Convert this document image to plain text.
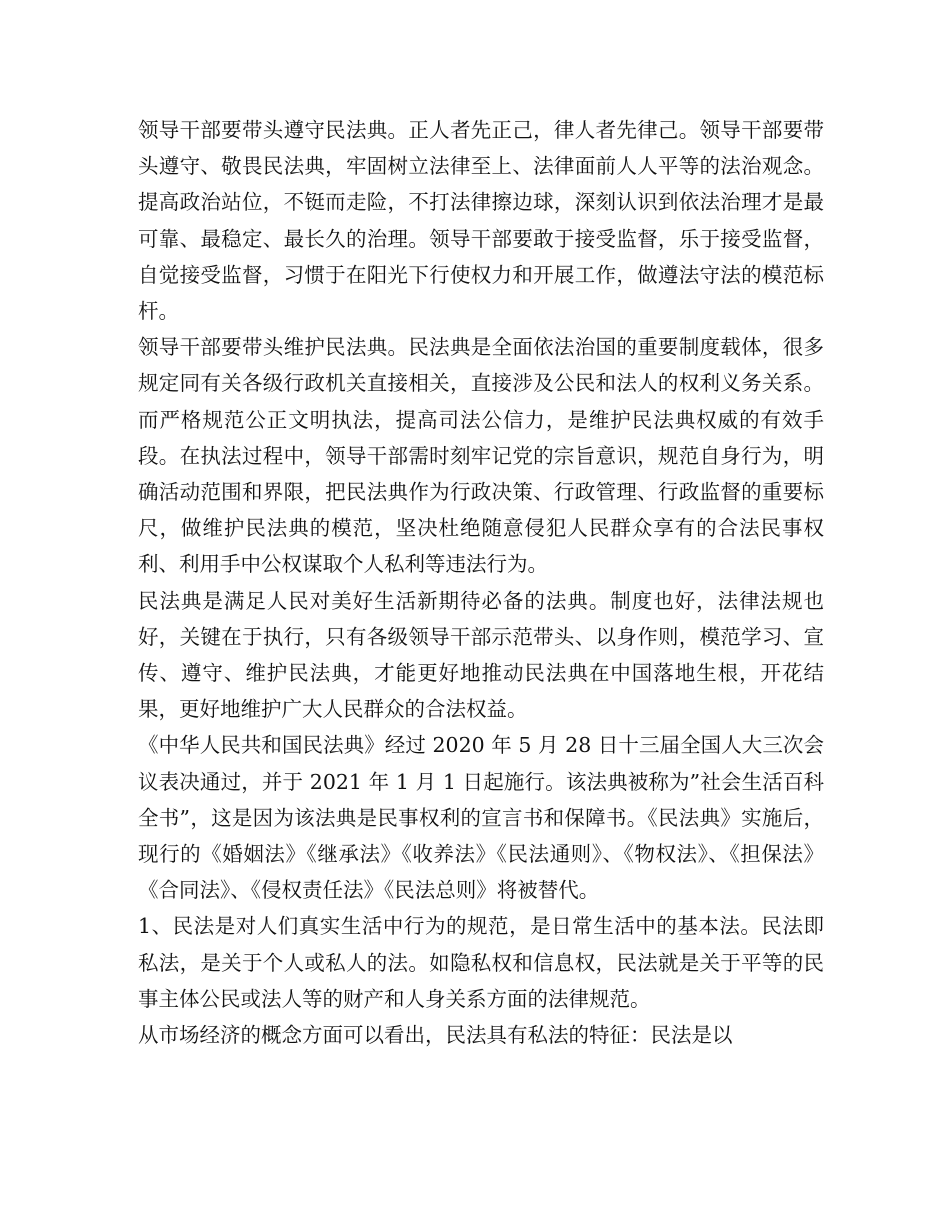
领导干部要带头遵守民法典。正人者先正己，律人者先律己。领导干部要带头遵守、敬畏民法典，牢固树立法律至上、法律面前人人平等的法治观念。提高政治站位，不铤而走险，不打法律擦边球，深刻认识到依法治理才是最可靠、最稳定、最长久的治理。领导干部要敢于接受监督，乐于接受监督，自觉接受监督，习惯于在阳光下行使权力和开展工作，做遵法守法的模范标杆。

领导干部要带头维护民法典。民法典是全面依法治国的重要制度载体，很多规定同有关各级行政机关直接相关，直接涉及公民和法人的权利义务关系。而严格规范公正文明执法，提高司法公信力，是维护民法典权威的有效手段。在执法过程中，领导干部需时刻牢记党的宗旨意识，规范自身行为，明确活动范围和界限，把民法典作为行政决策、行政管理、行政监督的重要标尺，做维护民法典的模范，坚决杜绝随意侵犯人民群众享有的合法民事权利、利用手中公权谋取个人私利等违法行为。

民法典是满足人民对美好生活新期待必备的法典。制度也好，法律法规也好，关键在于执行，只有各级领导干部示范带头、以身作则，模范学习、宣传、遵守、维护民法典，才能更好地推动民法典在中国落地生根，开花结果，更好地维护广大人民群众的合法权益。

《中华人民共和国民法典》经过 2020 年 5 月 28 日十三届全国人大三次会议表决通过，并于 2021 年 1 月 1 日起施行。该法典被称为”社会生活百科全书”，这是因为该法典是民事权利的宣言书和保障书。《民法典》实施后，现行的《婚姻法》《继承法》《收养法》《民法通则》、《物权法》、《担保法》《合同法》、《侵权责任法》《民法总则》将被替代。

1、民法是对人们真实生活中行为的规范，是日常生活中的基本法。民法即私法，是关于个人或私人的法。如隐私权和信息权，民法就是关于平等的民事主体公民或法人等的财产和人身关系方面的法律规范。

从市场经济的概念方面可以看出，民法具有私法的特征：民法是以
